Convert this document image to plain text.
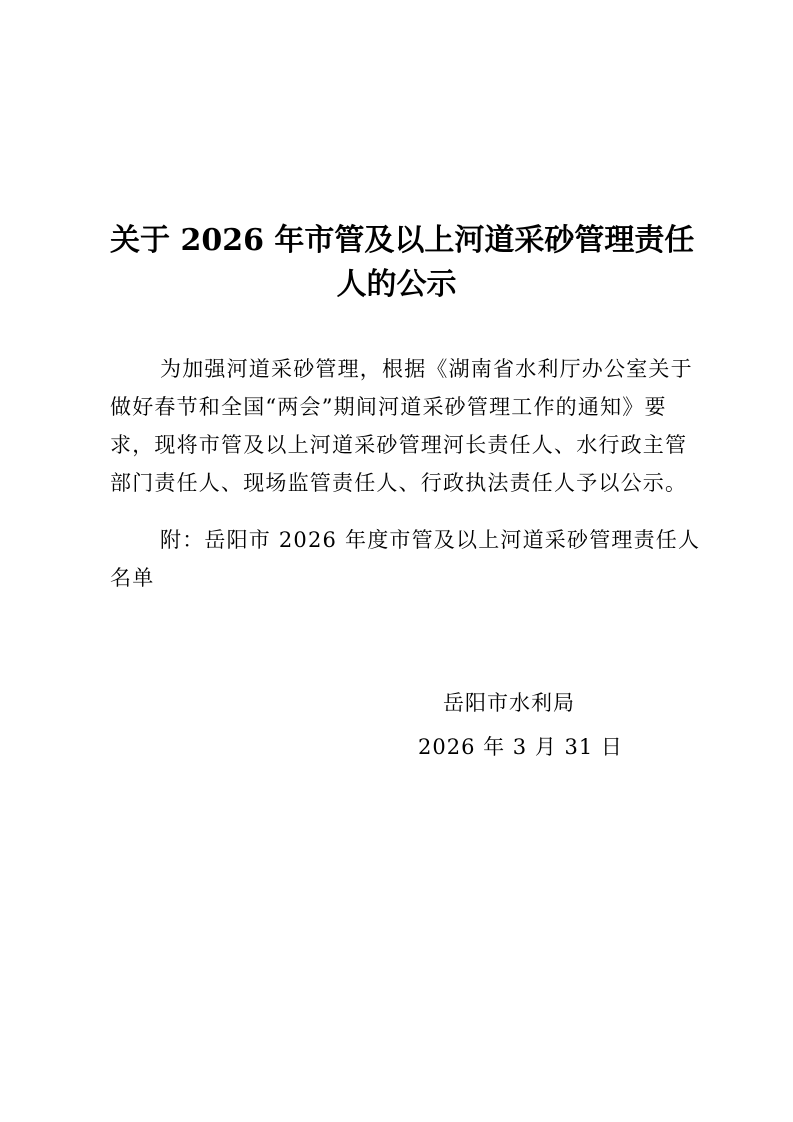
关于 2026 年市管及以上河道采砂管理责任
人的公示
为加强河道采砂管理，根据《湖南省水利厅办公室关于
做好春节和全国“两会”期间河道采砂管理工作的通知》要
求，现将市管及以上河道采砂管理河长责任人、水行政主管
部门责任人、现场监管责任人、行政执法责任人予以公示。
附：岳阳市 2026 年度市管及以上河道采砂管理责任人
名单
岳阳市水利局
2026 年 3 月 31 日
